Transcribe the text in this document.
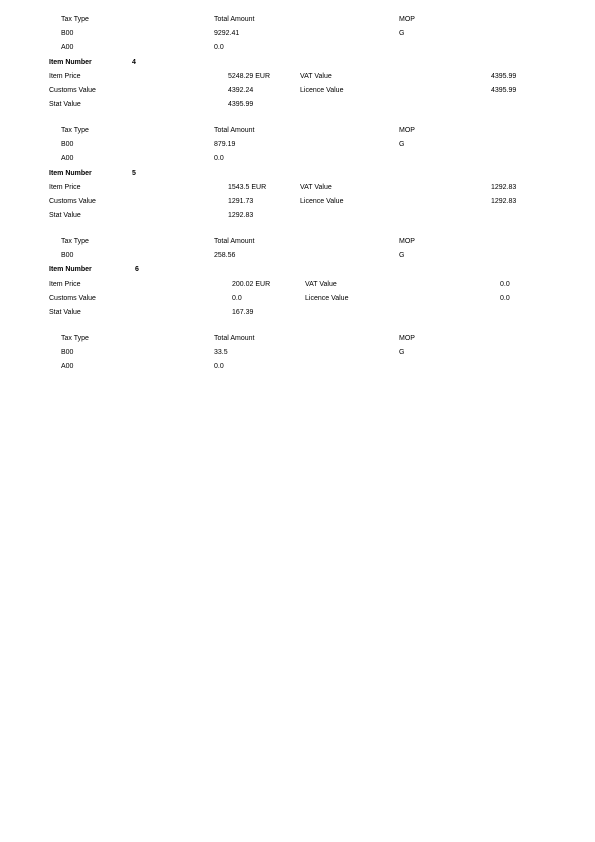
Tax Type	Total Amount	MOP
B00	9292.41	G
A00	0.0
Item Number	4
Item Price	5248.29 EUR	VAT Value	4395.99
Customs Value	4392.24	Licence Value	4395.99
Stat Value	4395.99
Tax Type	Total Amount	MOP
B00	879.19	G
A00	0.0
Item Number	5
Item Price	1543.5 EUR	VAT Value	1292.83
Customs Value	1291.73	Licence Value	1292.83
Stat Value	1292.83
Tax Type	Total Amount	MOP
B00	258.56	G
Item Number	6
Item Price	200.02 EUR	VAT Value	0.0
Customs Value	0.0	Licence Value	0.0
Stat Value	167.39
Tax Type	Total Amount	MOP
B00	33.5	G
A00	0.0
